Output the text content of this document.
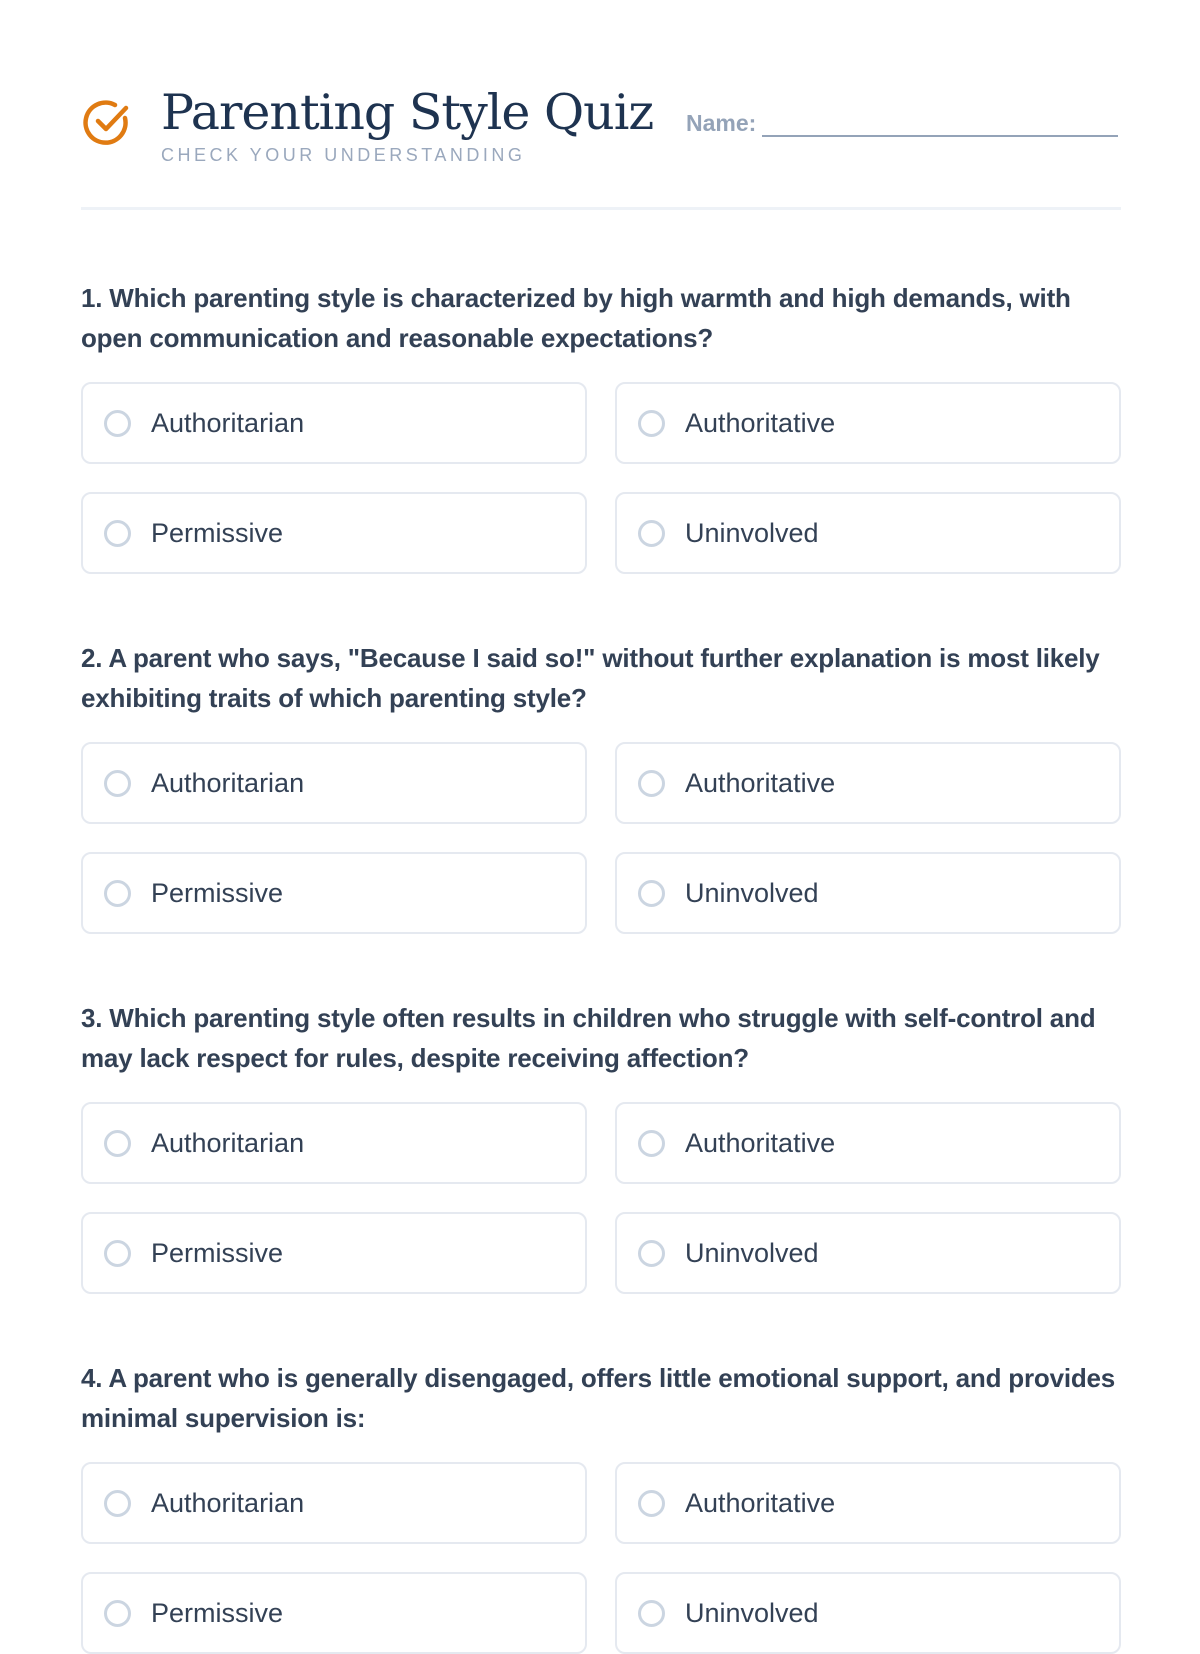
Parenting Style Quiz
CHECK YOUR UNDERSTANDING
Name:
1. Which parenting style is characterized by high warmth and high demands, with open communication and reasonable expectations?
Authoritarian	Authoritative
Permissive	Uninvolved
2. A parent who says, "Because I said so!" without further explanation is most likely exhibiting traits of which parenting style?
Authoritarian	Authoritative
Permissive	Uninvolved
3. Which parenting style often results in children who struggle with self-control and may lack respect for rules, despite receiving affection?
Authoritarian	Authoritative
Permissive	Uninvolved
4. A parent who is generally disengaged, offers little emotional support, and provides minimal supervision is:
Authoritarian	Authoritative
Permissive	Uninvolved
